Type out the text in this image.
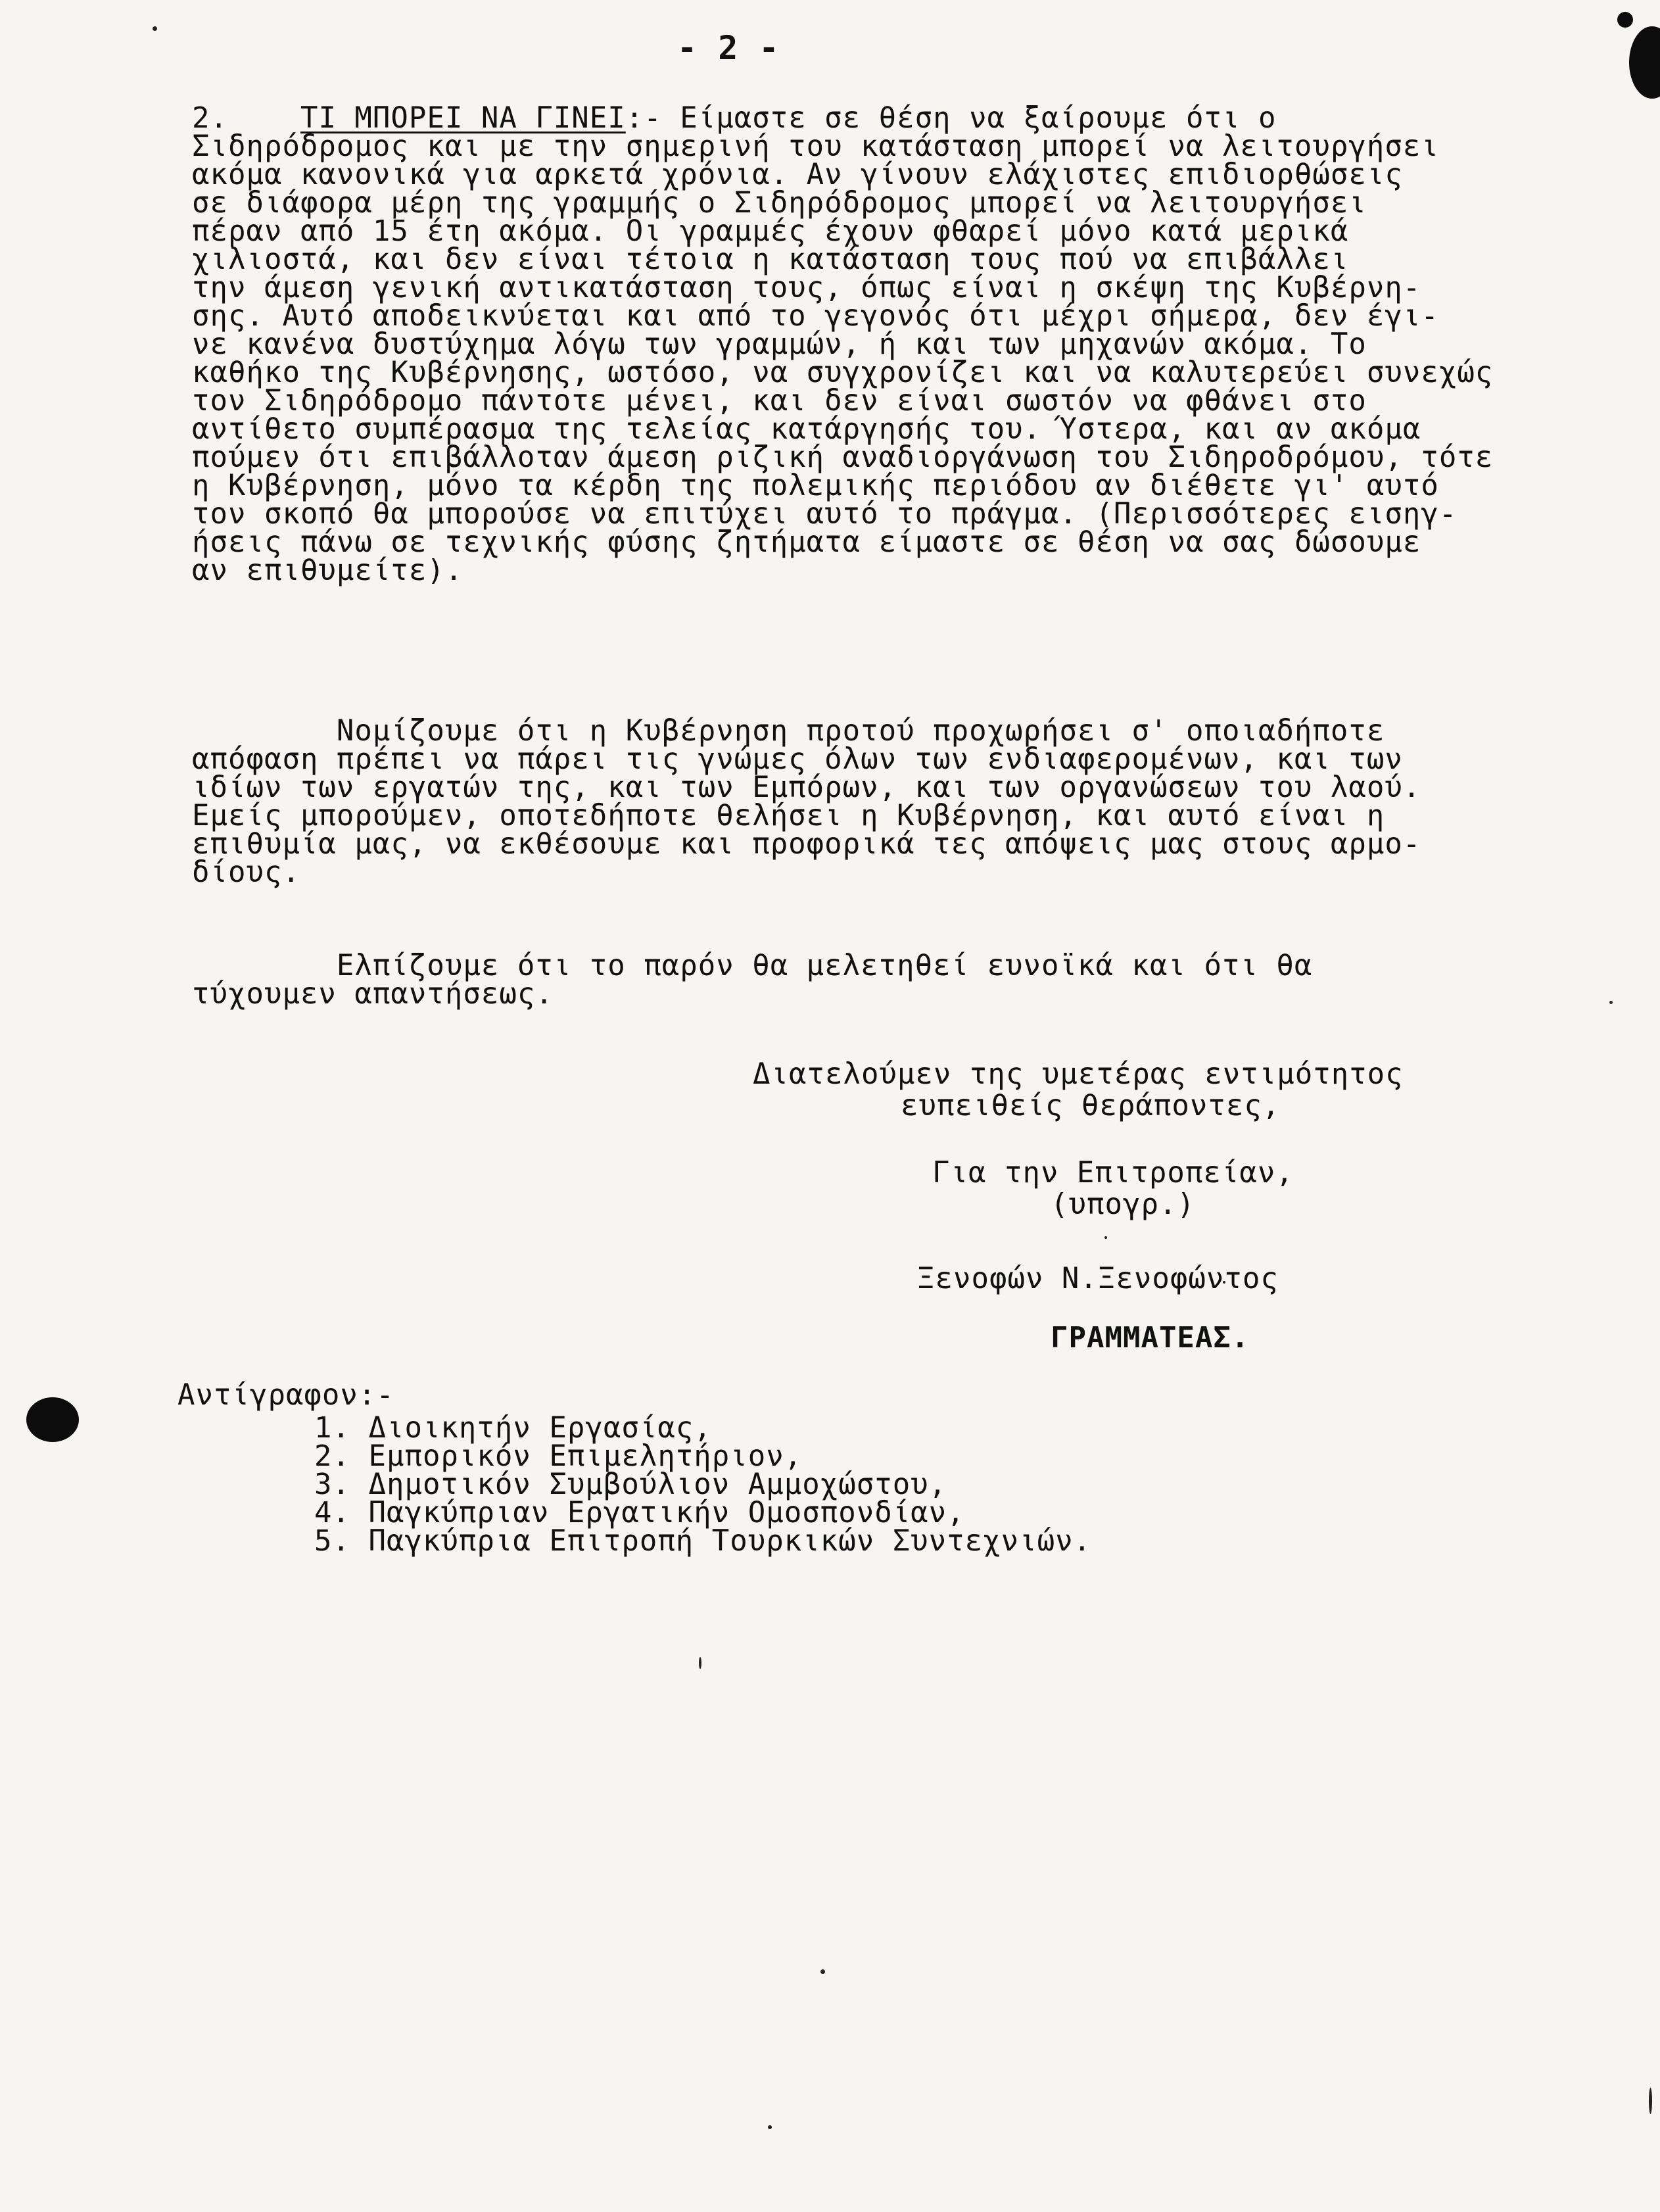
- 2 -
2.    ΤΙ ΜΠΟΡΕΙ ΝΑ ΓΙΝΕΙ:- Είμαστε σε θέση να ξαίρουμε ότι ο
Σιδηρόδρομος και με την σημερινή του κατάσταση μπορεί να λειτουργήσει
ακόμα κανονικά για αρκετά χρόνια. Αν γίνουν ελάχιστες επιδιορθώσεις
σε διάφορα μέρη της γραμμής ο Σιδηρόδρομος μπορεί να λειτουργήσει
πέραν από 15 έτη ακόμα. Οι γραμμές έχουν φθαρεί μόνο κατά μερικά
χιλιοστά, και δεν είναι τέτοια η κατάσταση τους πού να επιβάλλει
την άμεση γενική αντικατάσταση τους, όπως είναι η σκέψη της Κυβέρνη-
σης. Αυτό αποδεικνύεται και από το γεγονός ότι μέχρι σήμερα, δεν έγι-
νε κανένα δυστύχημα λόγω των γραμμών, ή και των μηχανών ακόμα. Το
καθήκο της Κυβέρνησης, ωστόσο, να συγχρονίζει και να καλυτερεύει συνεχώς
τον Σιδηρόδρομο πάντοτε μένει, και δεν είναι σωστόν να φθάνει στο
αντίθετο συμπέρασμα της τελείας κατάργησής του. Ύστερα, και αν ακόμα
πούμεν ότι επιβάλλοταν άμεση ριζική αναδιοργάνωση του Σιδηροδρόμου, τότε
η Κυβέρνηση, μόνο τα κέρδη της πολεμικής περιόδου αν διέθετε γι' αυτό
τον σκοπό θα μπορούσε να επιτύχει αυτό το πράγμα. (Περισσότερες εισηγ-
ήσεις πάνω σε τεχνικής φύσης ζητήματα είμαστε σε θέση να σας δώσουμε
αν επιθυμείτε).
Νομίζουμε ότι η Κυβέρνηση προτού προχωρήσει σ' οποιαδήποτε
απόφαση πρέπει να πάρει τις γνώμες όλων των ενδιαφερομένων, και των
ιδίων των εργατών της, και των Εμπόρων, και των οργανώσεων του λαού.
Εμείς μπορούμεν, οποτεδήποτε θελήσει η Κυβέρνηση, και αυτό είναι η
επιθυμία μας, να εκθέσουμε και προφορικά τες απόψεις μας στους αρμο-
δίους.
Ελπίζουμε ότι το παρόν θα μελετηθεί ευνοϊκά και ότι θα
τύχουμεν απαντήσεως.
Διατελούμεν της υμετέρας εντιμότητος
ευπειθείς θεράποντες,
Για την Επιτροπείαν,
(υπογρ.)
Ξενοφών Ν.Ξενοφώντος
ΓΡΑΜΜΑΤΕΑΣ.
Αντίγραφον:-
1. Διοικητήν Εργασίας,
2. Εμπορικόν Επιμελητήριον,
3. Δημοτικόν Συμβούλιον Αμμοχώστου,
4. Παγκύπριαν Εργατικήν Ομοσπονδίαν,
5. Παγκύπρια Επιτροπή Τουρκικών Συντεχνιών.
